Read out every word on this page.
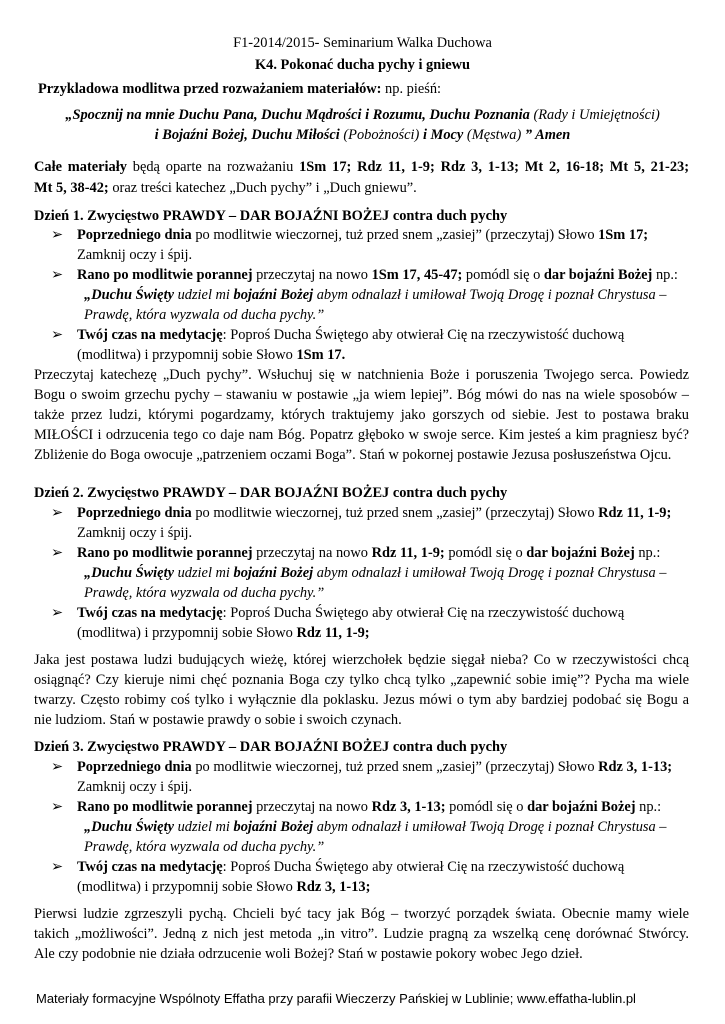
F1-2014/2015- Seminarium Walka Duchowa
K4. Pokonać ducha pychy i gniewu
Przykladowa modlitwa przed rozważaniem materiałów: np. pieśń:
„Spocznij na mnie Duchu Pana, Duchu Mądrości i Rozumu, Duchu Poznania (Rady i Umiejętności)
i Bojaźni Bożej, Duchu Miłości (Pobożności) i Mocy (Męstwa) ” Amen
Całe materiały będą oparte na rozważaniu 1Sm 17; Rdz 11, 1-9; Rdz 3, 1-13; Mt 2, 16-18; Mt 5, 21-23;
Mt 5, 38-42; oraz treści katechez „Duch pychy” i „Duch gniewu”.
Dzień 1. Zwycięstwo PRAWDY – DAR BOJAŹNI BOŻEJ contra duch pychy
➢ Poprzedniego dnia po modlitwie wieczornej, tuż przed snem „zasiej” (przeczytaj) Słowo 1Sm 17;
Zamknij oczy i śpij.
➢ Rano po modlitwie porannej przeczytaj na nowo 1Sm 17, 45-47; pomódl się o dar bojaźni Bożej np.:
„Duchu Święty udziel mi bojaźni Bożej abym odnalazł i umiłował Twoją Drogę i poznał Chrystusa –
Prawdę, która wyzwala od ducha pychy.”
➢ Twój czas na medytację: Poproś Ducha Świętego aby otwierał Cię na rzeczywistość duchową
(modlitwa) i przypomnij sobie Słowo 1Sm 17.
Przeczytaj katechezę „Duch pychy”. Wsłuchuj się w natchnienia Boże i poruszenia Twojego serca. Powiedz
Bogu o swoim grzechu pychy – stawaniu w postawie „ja wiem lepiej”. Bóg mówi do nas na wiele sposobów –
także przez ludzi, którymi pogardzamy, których traktujemy jako gorszych od siebie. Jest to postawa braku
MIŁOŚCI i odrzucenia tego co daje nam Bóg. Popatrz głęboko w swoje serce. Kim jesteś a kim pragniesz być?
Zbliżenie do Boga owocuje „patrzeniem oczami Boga”. Stań w pokornej postawie Jezusa posłuszeństwa Ojcu.
Dzień 2. Zwycięstwo PRAWDY – DAR BOJAŹNI BOŻEJ contra duch pychy
➢ Poprzedniego dnia po modlitwie wieczornej, tuż przed snem „zasiej” (przeczytaj) Słowo Rdz 11, 1-9;
Zamknij oczy i śpij.
➢ Rano po modlitwie porannej przeczytaj na nowo Rdz 11, 1-9; pomódl się o dar bojaźni Bożej np.:
„Duchu Święty udziel mi bojaźni Bożej abym odnalazł i umiłował Twoją Drogę i poznał Chrystusa –
Prawdę, która wyzwala od ducha pychy.”
➢ Twój czas na medytację: Poproś Ducha Świętego aby otwierał Cię na rzeczywistość duchową
(modlitwa) i przypomnij sobie Słowo Rdz 11, 1-9;
Jaka jest postawa ludzi budujących wieżę, której wierzchołek będzie sięgał nieba? Co w rzeczywistości chcą
osiągnąć? Czy kieruje nimi chęć poznania Boga czy tylko chcą tylko „zapewnić sobie imię”? Pycha ma wiele
twarzy. Często robimy coś tylko i wyłącznie dla poklasku. Jezus mówi o tym aby bardziej podobać się Bogu a
nie ludziom. Stań w postawie prawdy o sobie i swoich czynach.
Dzień 3. Zwycięstwo PRAWDY – DAR BOJAŹNI BOŻEJ contra duch pychy
➢ Poprzedniego dnia po modlitwie wieczornej, tuż przed snem „zasiej” (przeczytaj) Słowo Rdz 3, 1-13;
Zamknij oczy i śpij.
➢ Rano po modlitwie porannej przeczytaj na nowo Rdz 3, 1-13; pomódl się o dar bojaźni Bożej np.:
„Duchu Święty udziel mi bojaźni Bożej abym odnalazł i umiłował Twoją Drogę i poznał Chrystusa –
Prawdę, która wyzwala od ducha pychy.”
➢ Twój czas na medytację: Poproś Ducha Świętego aby otwierał Cię na rzeczywistość duchową
(modlitwa) i przypomnij sobie Słowo Rdz 3, 1-13;
Pierwsi ludzie zgrzeszyli pychą. Chcieli być tacy jak Bóg – tworzyć porządek świata. Obecnie mamy wiele
takich „możliwości”. Jedną z nich jest metoda „in vitro”. Ludzie pragną za wszelką cenę dorównać Stwórcy.
Ale czy podobnie nie działa odrzucenie woli Bożej? Stań w postawie pokory wobec Jego dzieł.
Materiały formacyjne Wspólnoty Effatha przy parafii Wieczerzy Pańskiej w Lublinie; www.effatha-lublin.pl
